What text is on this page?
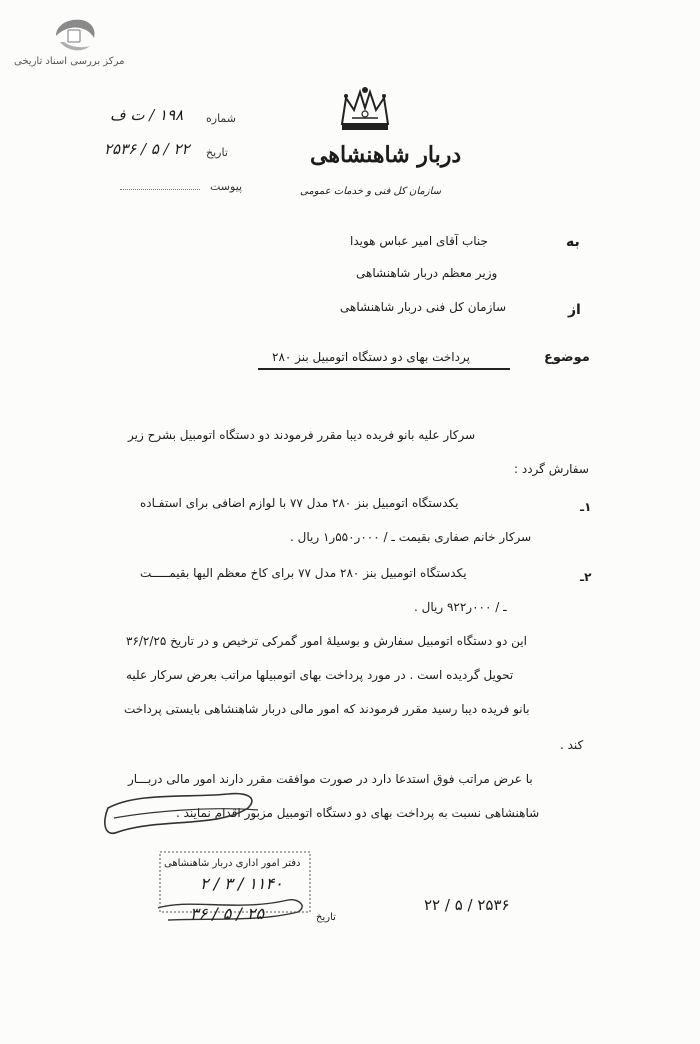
مرکز بررسی اسناد تاریخی
دربار شاهنشاهی
سازمان کل فنی و خدمات عمومی
شماره
۱۹۸ / ت ف
تاریخ
۲۲ / ۵ / ۲۵۳۶
پیوست
به
جناب آقای امیر عباس هویدا
وزیر معظم دربار شاهنشاهی
از
سازمان کل فنی دربار شاهنشاهی
موضوع
پرداخت بهای دو دستگاه اتومبیل بنز ۲۸۰
سرکار علیه بانو فریده دیبا مقرر فرمودند دو دستگاه اتومبیل بشرح زیر
سفارش گردد :
۱ـ
یکدستگاه اتومبیل بنز ۲۸۰ مدل ۷۷ با لوازم اضافی برای استفـاده
سرکار خانم صفاری بقیمت ـ / ۰۰۰ر۵۵۰ر۱ ریال .
۲ـ
یکدستگاه اتومبیل بنز ۲۸۰ مدل ۷۷ برای کاخ معظم الیها بقیمـــــت
ـ / ۰۰۰ر۹۲۲ ریال .
این دو دستگاه اتومبیل سفارش و بوسیلهٔ امور گمرکی ترخیص و در تاریخ ۳۶/۲/۲۵
تحویل گردیده است . در مورد پرداخت بهای اتومبیلها مراتب بعرض سرکار علیه
بانو فریده دیبا رسید مقرر فرمودند که امور مالی دربار شاهنشاهی بایستی پرداخت
کند .
با عرض مراتب فوق استدعا دارد در صورت موافقت مقرر دارند امور مالی دربـــار
شاهنشاهی نسبت به پرداخت بهای دو دستگاه اتومبیل مزبور اقدام نمایند .
دفتر امور اداری دربار شاهنشاهی
۱۱۴۰ / ۳ / ۲
تاریخ
۲۵ / ۵ / ۳۶	۲۵۳۶ / ۵ / ۲۲
